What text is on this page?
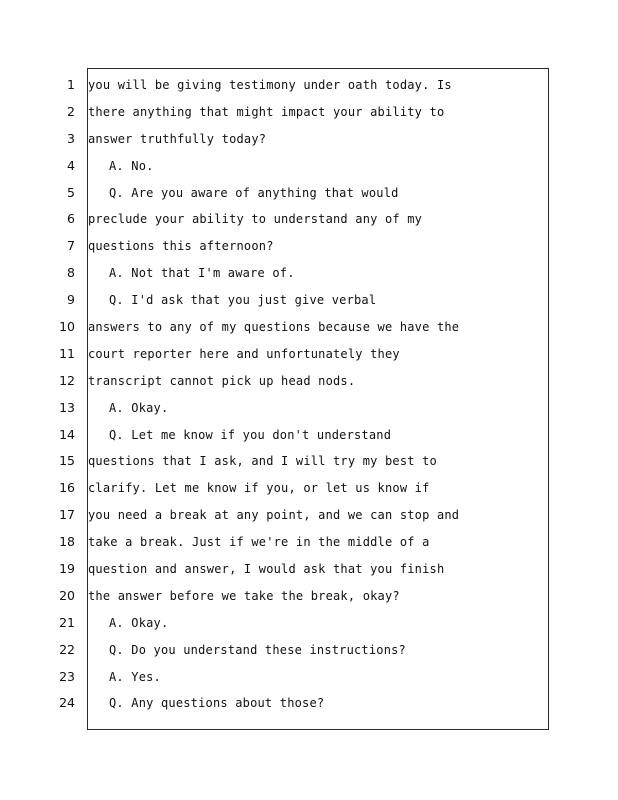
1 you will be giving testimony under oath today. Is
2 there anything that might impact your ability to
3 answer truthfully today?
4	A. No.
5	Q. Are you aware of anything that would
6 preclude your ability to understand any of my
7 questions this afternoon?
8	A. Not that I'm aware of.
9	Q. I'd ask that you just give verbal
10 answers to any of my questions because we have the
11 court reporter here and unfortunately they
12 transcript cannot pick up head nods.
13	A. Okay.
14	Q. Let me know if you don't understand
15 questions that I ask, and I will try my best to
16 clarify. Let me know if you, or let us know if
17 you need a break at any point, and we can stop and
18 take a break. Just if we're in the middle of a
19 question and answer, I would ask that you finish
20 the answer before we take the break, okay?
21	A. Okay.
22	Q. Do you understand these instructions?
23	A. Yes.
24	Q. Any questions about those?
